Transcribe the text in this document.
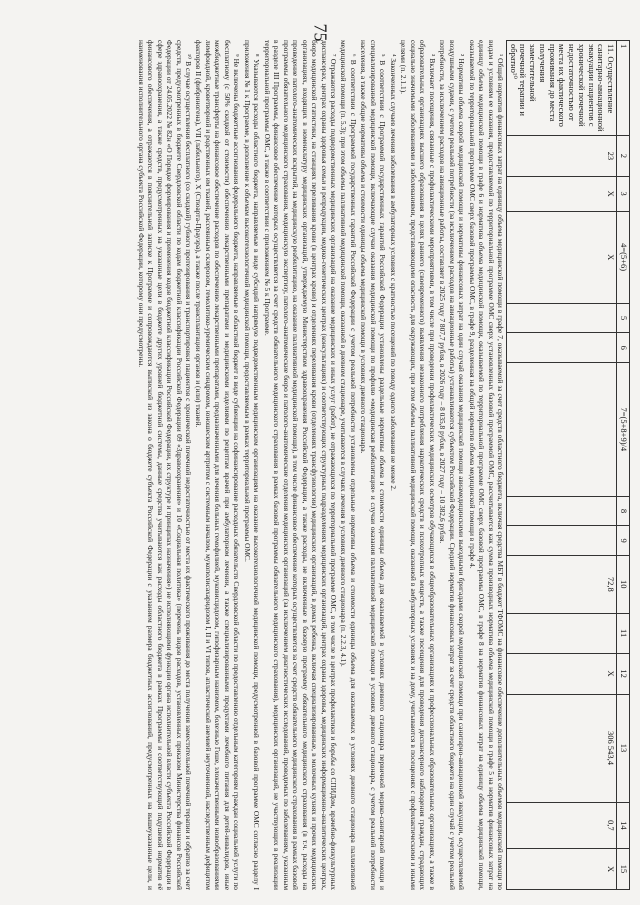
75
1	2	3	4=(5+6)	5	6	7=(5+8+9)/4	8	9	10	11	12	13	14	15
11. Осуществление санитарно-авиационной эвакуации пациентов с хронической почечной недостаточностью от места их фактического проживания до места получения заместительной почечной терапии и обратно¹⁰	23	X	X						72,8		X	306 543,4	0,7	X

¹ Общий норматив финансовых затрат на единицу объема медицинской помощи в графе 7, оказываемой за счет средств областного бюджета, включая средства МБТ в бюджет ТФОМС на финансовое обеспечение дополнительных объемов медицинской помощи по видам и условиям ее оказания, предоставляемой по территориальной программе ОМС сверх установленных базовой программой ОМС, рассчитывается как сумма производных норматива объема медицинской помощи в графе 5 на норматив финансовых затрат на единицу объема медицинской помощи в графе 6 и норматива объема медицинской помощи, оказываемой по территориальной программе ОМС сверх базовой программы ОМС, в графе 8 на норматив финансовых затрат на единицу объема медицинской помощи, оказываемой по территориальной программе ОМС сверх базовой программы ОМС, в графе 9, разделенная на общий норматив объема медицинской помощи в графе 4.

² Нормативы объема скорой медицинской помощи и нормативы финансовых затрат на один случай оказания медицинской помощи авиамедицинскими выездными бригадами скорой медицинской помощи при санитарно-авиационной эвакуации, осуществляемой воздушными судами, с учетом реальной потребности (за исключением расходов на авиационные работы) устанавливаются субъектом Российской Федерации. Средний норматив финансовых затрат за счет средств областного бюджета на один случай с учетом реальной потребности, за исключением расходов на авиационные работы, составляет в 2025 году 7 807,7 рубля, в 2026 году – 8 035,8 рубля, в 2027 году – 10 382,6 рубля.

³ Включает посещения, связанные с профилактическими мероприятиями, в том числе при проведении профилактических медицинских осмотров обучающихся в общеобразовательных организациях и профессиональных образовательных организациях, а также в образовательных организациях высшего образования в целях раннего (своевременного) выявления незаконного потребления наркотических средств и психотропных веществ, а также посещения для проведения диспансерного наблюдения граждан, страдающих социально значимыми заболеваниями и заболеваниями, представляющими опасность для окружающих, при этом объемы паллиативной медицинской помощи, оказанной в амбулаторных условиях и на дому, учитываются в посещениях с профилактическими и иными целями (п. 2.1.1).

⁴ Законченных случаев лечения заболевания в амбулаторных условиях с кратностью посещений по поводу одного заболевания не менее 2.

⁵ В соответствии с Программой государственных гарантий Российской Федерации установлены раздельные нормативы объема и стоимости единицы объема для оказываемой в условиях дневного стационара первичной медико-санитарной помощи и специализированной медицинской помощи, включающие случаи оказания медицинской помощи по профилю «медицинская реабилитация» и случаи оказания паллиативной медицинской помощи в условиях дневного стационара, с учетом реальной потребности населения, а также общие нормативы объема и стоимости единицы объема медицинской помощи в условиях дневного стационара.

⁶ В соответствии с Программой государственных гарантий Российской Федерации с учетом реальной потребности установлены отдельные нормативы объема и стоимости единицы объема для оказываемых в условиях дневного стационара паллиативной медицинской помощи (п. 5.3); при этом объемы паллиативной медицинской помощи, оказанной в дневном стационаре, учитываются в случаях лечения в условиях дневного стационара (п. 2.2.3, 4.1).

⁷ Отражаются расходы подведомственных медицинских организаций на оказание медицинских и иных услуг (работ), не отражающихся по территориальной программе ОМС, в том числе в центрах профилактики и борьбы со СПИДом, врачебно-физкультурных диспансерах, центрах охраны здоровья семьи и репродукции, медико-генетических центрах (консультациях) и соответствующих структурных подразделениях медицинских организаций, центрах охраны здоровья, медицинских информационно-аналитических центрах, бюро медицинской статистики, на станциях переливания крови (в центрах крови) и отделениях переливания крови (отделениях трансфузиологии) медицинских организаций, в домах ребенка, включая специализированные, в молочных кухнях и прочих медицинских организациях, входящих в номенклатуру медицинских организаций, утверждаемую Министерством здравоохранения Российской Федерации, а также расходы, не включенные в базовую программу обязательного медицинского страхования (в т.ч. расходы на проведение патолого-анатомических вскрытий, на медицинскую реабилитацию, на оказание паллиативной медицинской помощи), в том числе финансовое обеспечение которых осуществляется за счет средств обязательного медицинского страхования в рамках базовой программы обязательного медицинского страхования, медицинскую экспертизу, патолого-анатомические бюро и патолого-анатомические отделения медицинских организаций (за исключением диагностических исследований, проводимых по заболеваниям, указанным в разделе III Программы, финансовое обеспечение которых осуществляется за счет средств обязательного медицинского страхования в рамках базовой программы обязательного медицинского страхования), медицинских организаций, не участвующих в реализации территориальной программы ОМС, а также в соответствии с приложением № 5 к Программе.

⁸ Указываются расходы областного бюджета, направляемые в виде субсидий напрямую подведомственным медицинским организациям на оказание высокотехнологичной медицинской помощи, предусмотренной в базовой программе ОМС согласно разделу I приложения № 1 к Программе, в дополнение к объемам высокотехнологичной медицинской помощи, предоставляемым в рамках территориальной программы ОМС.

⁹ Не включены бюджетные ассигнования федерального бюджета, направляемые в областной бюджет в виде субвенции на софинансирование расходных обязательств Свердловской области по предоставлению отдельным категориям граждан социальной услуги по бесплатному (с 50% скидкой от стоимости) обеспечению лекарственными препаратами и медицинскими изделиями по рецептам врачей при амбулаторном лечении, а также специализированными продуктами лечебного питания для детей-инвалидов, иные межбюджетные трансферты на финансовое обеспечение расходов по обеспечению лекарственными препаратами, предназначенными для лечения больных гемофилией, муковисцидозом, гипофизарным нанизмом, болезнью Гоше, злокачественными новообразованиями лимфоидной, кроветворной и родственных им тканей, рассеянным склерозом, гемолитико-уремическим синдромом, юношеским артритом с системным началом, мукополисахаридозом I, II и VI типов, апластической анемией неуточненной, наследственным дефицитом факторов II (фибриногена), VII (лабильного), X (Стюарта-Прауэра), а также после трансплантации органов и (или) тканей.

¹⁰ В случае осуществления бесплатного (со скидкой) губного протезирования и транспортировки пациентов с хронической почечной недостаточностью от места их фактического проживания до места получения заместительной почечной терапии и обратно за счет средств, предусмотренных в бюджете Свердловской области по кодам бюджетной классификации Российской Федерации 09 «Здравоохранение» и 10 «Социальная политика» (перечень видов расходов, установленных приказом Министерства финансов Российской Федерации от 24.05.2022 № 82н «О Порядке формирования и применения кодов бюджетной классификации Российской Федерации, их структуре и принципах назначения») не исполняющими функции органа исполнительной власти субъекта Российской Федерации в сфере здравоохранения, а также средств, предусмотренных на указанные цели в бюджете других уровней бюджетной системы, данные средства учитываются как расходы областного бюджета в рамках Программы и соответствующий подушевой норматив её финансового обеспечения, а отражаются в пояснительной записке к Программе и сопровождаются выпиской из закона о бюджете субъекта Российской Федерации с указанием размера бюджетных ассигнований, предусмотренных на вышеуказанные цели, и наименования исполнительного органа субъекта Российской Федерации, которому они предусмотрены.
